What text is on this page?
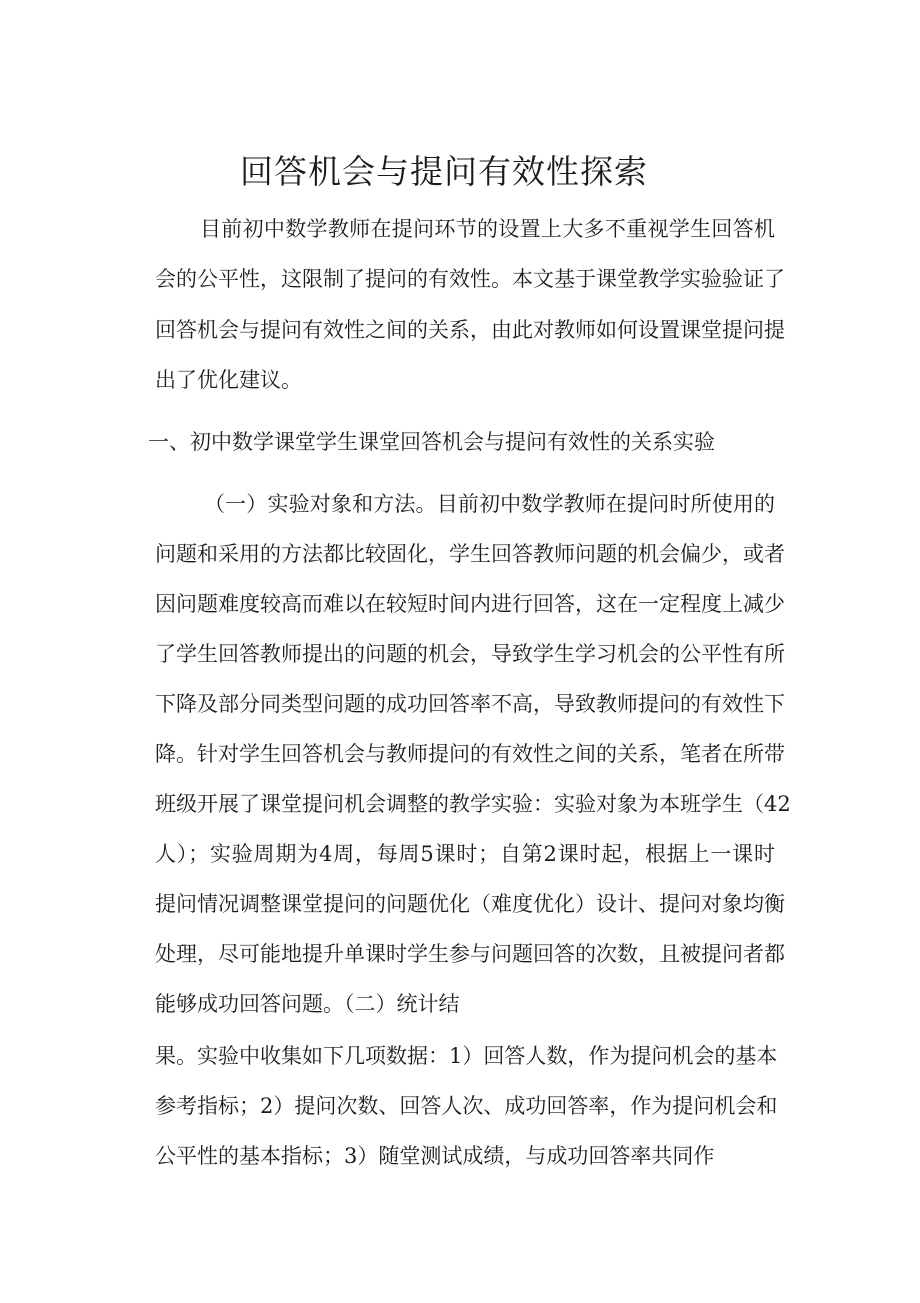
回答机会与提问有效性探索
目前初中数学教师在提问环节的设置上大多不重视学生回答机
会的公平性，这限制了提问的有效性。本文基于课堂教学实验验证了
回答机会与提问有效性之间的关系，由此对教师如何设置课堂提问提
出了优化建议。
一、初中数学课堂学生课堂回答机会与提问有效性的关系实验
（一）实验对象和方法。目前初中数学教师在提问时所使用的
问题和采用的方法都比较固化，学生回答教师问题的机会偏少，或者
因问题难度较高而难以在较短时间内进行回答，这在一定程度上减少
了学生回答教师提出的问题的机会，导致学生学习机会的公平性有所
下降及部分同类型问题的成功回答率不高，导致教师提问的有效性下
降。针对学生回答机会与教师提问的有效性之间的关系，笔者在所带
班级开展了课堂提问机会调整的教学实验：实验对象为本班学生（42
人）；实验周期为4周，每周5课时；自第2课时起，根据上一课时
提问情况调整课堂提问的问题优化（难度优化）设计、提问对象均衡
处理，尽可能地提升单课时学生参与问题回答的次数，且被提问者都
能够成功回答问题。（二）统计结
果。实验中收集如下几项数据：1）回答人数，作为提问机会的基本
参考指标；2）提问次数、回答人次、成功回答率，作为提问机会和
公平性的基本指标；3）随堂测试成绩，与成功回答率共同作
